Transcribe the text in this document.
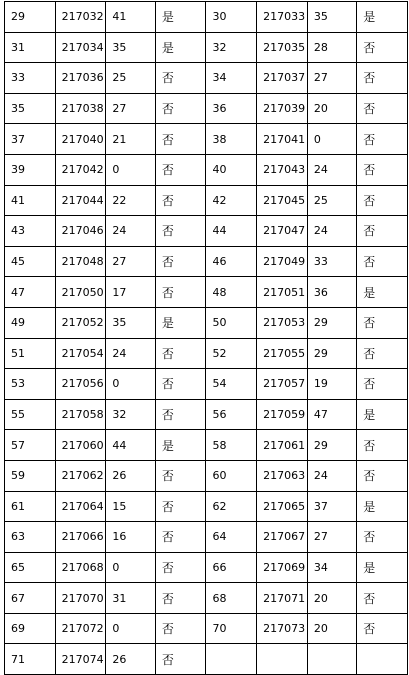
29	217032	41	是	30	217033	35	是
31	217034	35	是	32	217035	28	否
33	217036	25	否	34	217037	27	否
35	217038	27	否	36	217039	20	否
37	217040	21	否	38	217041	0	否
39	217042	0	否	40	217043	24	否
41	217044	22	否	42	217045	25	否
43	217046	24	否	44	217047	24	否
45	217048	27	否	46	217049	33	否
47	217050	17	否	48	217051	36	是
49	217052	35	是	50	217053	29	否
51	217054	24	否	52	217055	29	否
53	217056	0	否	54	217057	19	否
55	217058	32	否	56	217059	47	是
57	217060	44	是	58	217061	29	否
59	217062	26	否	60	217063	24	否
61	217064	15	否	62	217065	37	是
63	217066	16	否	64	217067	27	否
65	217068	0	否	66	217069	34	是
67	217070	31	否	68	217071	20	否
69	217072	0	否	70	217073	20	否
71	217074	26	否				
